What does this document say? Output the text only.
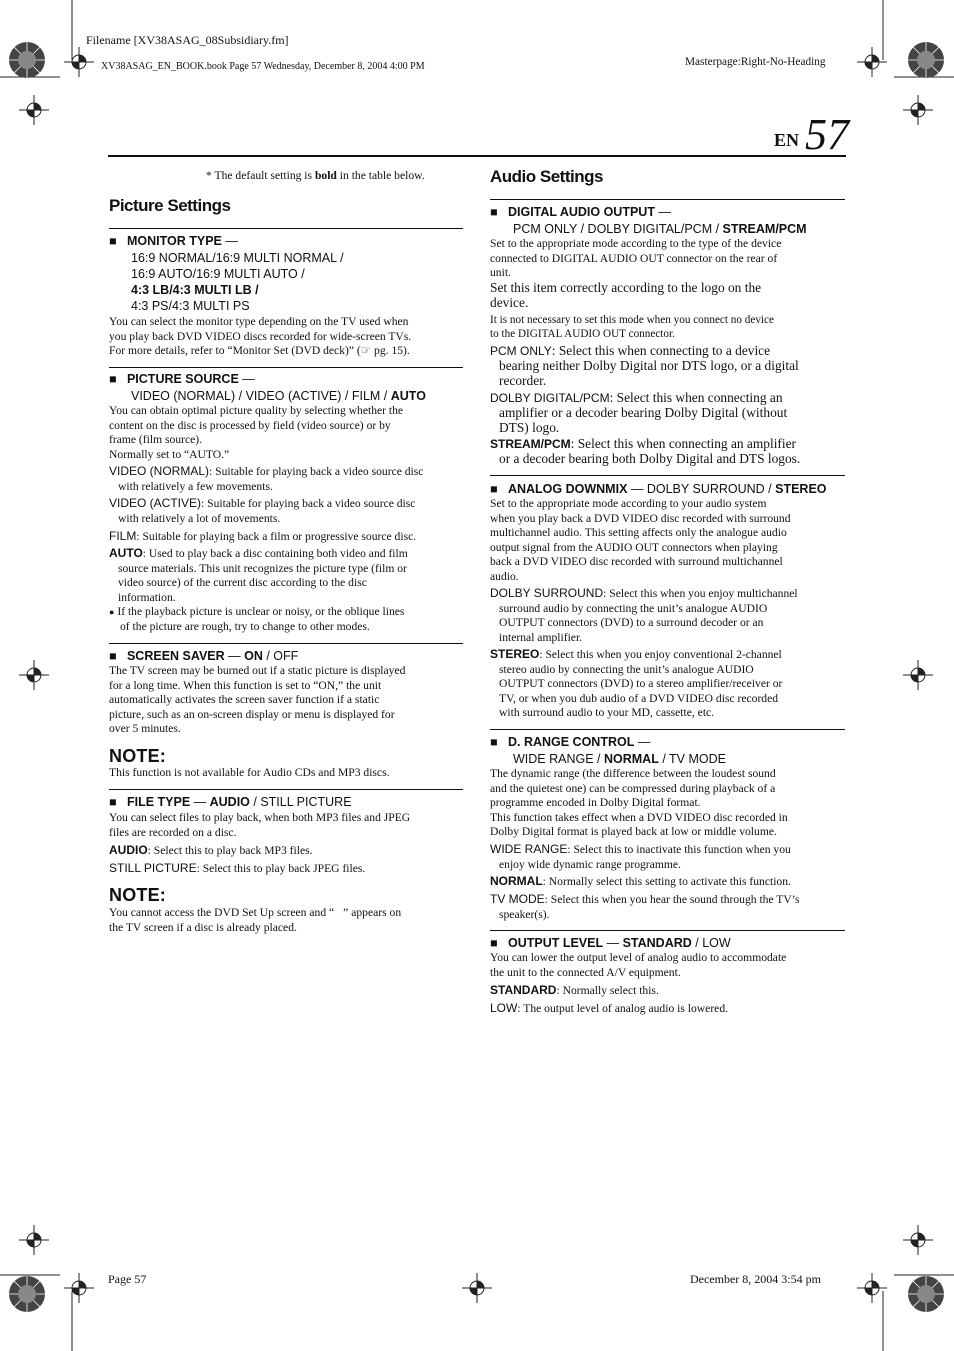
Filename [XV38ASAG_08Subsidiary.fm]
XV38ASAG_EN_BOOK.book Page 57 Wednesday, December 8, 2004 4:00 PM	Masterpage:Right-No-Heading
EN 57
* The default setting is bold in the table below.
Picture Settings
■   MONITOR TYPE —
16:9 NORMAL/16:9 MULTI NORMAL /
16:9 AUTO/16:9 MULTI AUTO /
4:3 LB/4:3 MULTI LB /
4:3 PS/4:3 MULTI PS
You can select the monitor type depending on the TV used when
you play back DVD VIDEO discs recorded for wide-screen TVs.
For more details, refer to “Monitor Set (DVD deck)” (☞ pg. 15).
■   PICTURE SOURCE —
VIDEO (NORMAL) / VIDEO (ACTIVE) / FILM / AUTO
You can obtain optimal picture quality by selecting whether the
content on the disc is processed by field (video source) or by
frame (film source).
Normally set to “AUTO.”
VIDEO (NORMAL): Suitable for playing back a video source disc
with relatively a few movements.
VIDEO (ACTIVE): Suitable for playing back a video source disc
with relatively a lot of movements.
FILM: Suitable for playing back a film or progressive source disc.
AUTO: Used to play back a disc containing both video and film
source materials. This unit recognizes the picture type (film or
video source) of the current disc according to the disc
information.
● If the playback picture is unclear or noisy, or the oblique lines
of the picture are rough, try to change to other modes.
■   SCREEN SAVER — ON / OFF
The TV screen may be burned out if a static picture is displayed
for a long time. When this function is set to “ON,” the unit
automatically activates the screen saver function if a static
picture, such as an on-screen display or menu is displayed for
over 5 minutes.
NOTE:
This function is not available for Audio CDs and MP3 discs.
■   FILE TYPE — AUDIO / STILL PICTURE
You can select files to play back, when both MP3 files and JPEG
files are recorded on a disc.
AUDIO: Select this to play back MP3 files.
STILL PICTURE: Select this to play back JPEG files.
NOTE:
You cannot access the DVD Set Up screen and “⃠” appears on
the TV screen if a disc is already placed.
Audio Settings
■   DIGITAL AUDIO OUTPUT —
PCM ONLY / DOLBY DIGITAL/PCM / STREAM/PCM
Set to the appropriate mode according to the type of the device
connected to DIGITAL AUDIO OUT connector on the rear of
unit.
Set this item correctly according to the logo on the
device.
It is not necessary to set this mode when you connect no device
to the DIGITAL AUDIO OUT connector.
PCM ONLY: Select this when connecting to a device
bearing neither Dolby Digital nor DTS logo, or a digital
recorder.
DOLBY DIGITAL/PCM: Select this when connecting an
amplifier or a decoder bearing Dolby Digital (without
DTS) logo.
STREAM/PCM: Select this when connecting an amplifier
or a decoder bearing both Dolby Digital and DTS logos.
■   ANALOG DOWNMIX — DOLBY SURROUND / STEREO
Set to the appropriate mode according to your audio system
when you play back a DVD VIDEO disc recorded with surround
multichannel audio. This setting affects only the analogue audio
output signal from the AUDIO OUT connectors when playing
back a DVD VIDEO disc recorded with surround multichannel
audio.
DOLBY SURROUND: Select this when you enjoy multichannel
surround audio by connecting the unit’s analogue AUDIO
OUTPUT connectors (DVD) to a surround decoder or an
internal amplifier.
STEREO: Select this when you enjoy conventional 2-channel
stereo audio by connecting the unit’s analogue AUDIO
OUTPUT connectors (DVD) to a stereo amplifier/receiver or
TV, or when you dub audio of a DVD VIDEO disc recorded
with surround audio to your MD, cassette, etc.
■   D. RANGE CONTROL —
WIDE RANGE / NORMAL / TV MODE
The dynamic range (the difference between the loudest sound
and the quietest one) can be compressed during playback of a
programme encoded in Dolby Digital format.
This function takes effect when a DVD VIDEO disc recorded in
Dolby Digital format is played back at low or middle volume.
WIDE RANGE: Select this to inactivate this function when you
enjoy wide dynamic range programme.
NORMAL: Normally select this setting to activate this function.
TV MODE: Select this when you hear the sound through the TV’s
speaker(s).
■   OUTPUT LEVEL — STANDARD / LOW
You can lower the output level of analog audio to accommodate
the unit to the connected A/V equipment.
STANDARD: Normally select this.
LOW: The output level of analog audio is lowered.
Page 57	December 8, 2004 3:54 pm
